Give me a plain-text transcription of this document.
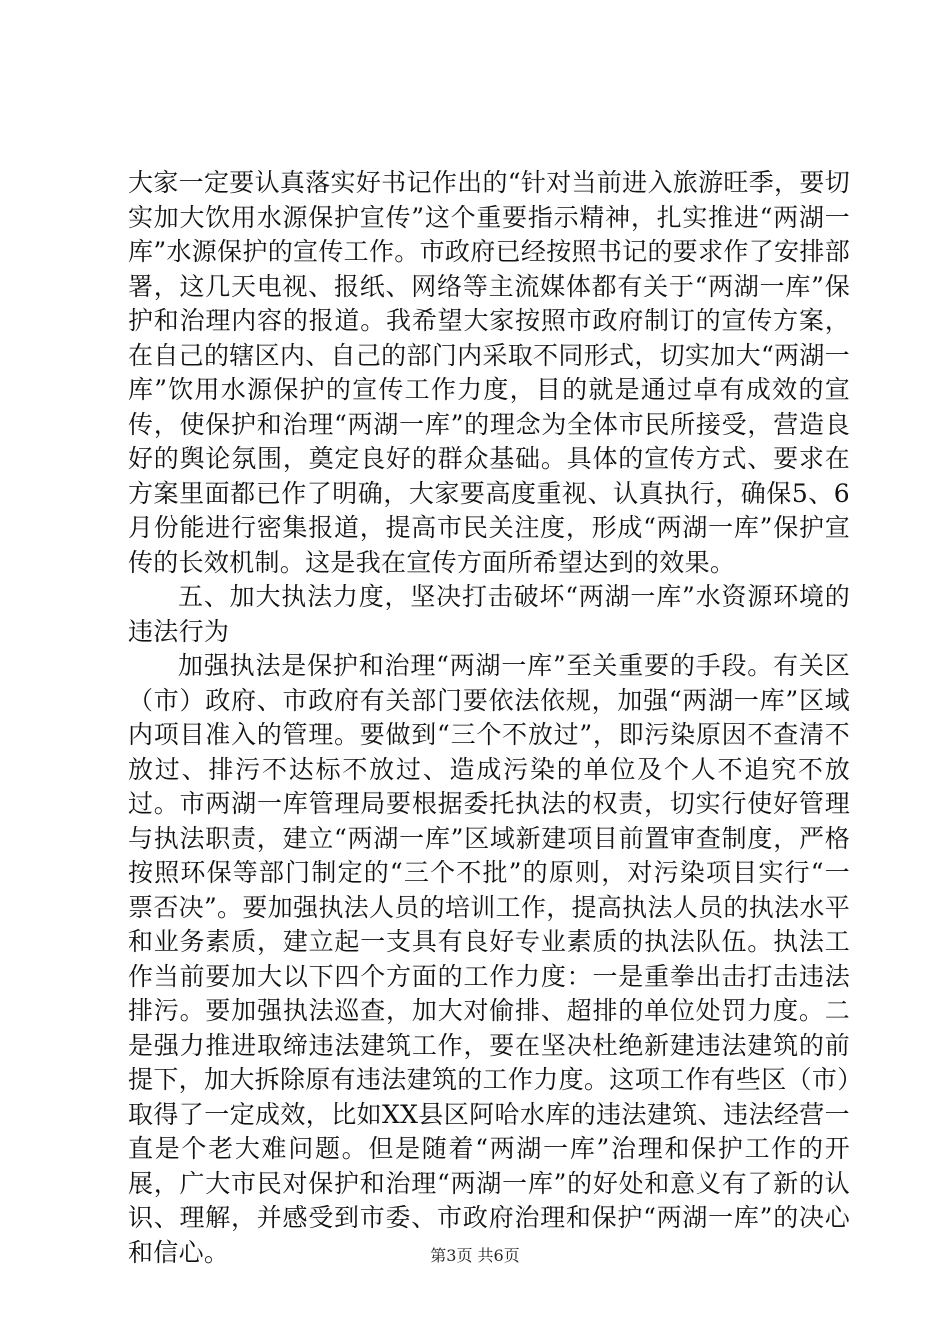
大家一定要认真落实好书记作出的“针对当前进入旅游旺季，要切实加大饮用水源保护宣传”这个重要指示精神，扎实推进“两湖一库”水源保护的宣传工作。市政府已经按照书记的要求作了安排部署，这几天电视、报纸、网络等主流媒体都有关于“两湖一库”保护和治理内容的报道。我希望大家按照市政府制订的宣传方案，在自己的辖区内、自己的部门内采取不同形式，切实加大“两湖一库”饮用水源保护的宣传工作力度，目的就是通过卓有成效的宣传，使保护和治理“两湖一库”的理念为全体市民所接受，营造良好的舆论氛围，奠定良好的群众基础。具体的宣传方式、要求在方案里面都已作了明确，大家要高度重视、认真执行，确保5、6月份能进行密集报道，提高市民关注度，形成“两湖一库”保护宣传的长效机制。这是我在宣传方面所希望达到的效果。

五、加大执法力度，坚决打击破坏“两湖一库”水资源环境的违法行为

加强执法是保护和治理“两湖一库”至关重要的手段。有关区（市）政府、市政府有关部门要依法依规，加强“两湖一库”区域内项目准入的管理。要做到“三个不放过”，即污染原因不查清不放过、排污不达标不放过、造成污染的单位及个人不追究不放过。市两湖一库管理局要根据委托执法的权责，切实行使好管理与执法职责，建立“两湖一库”区域新建项目前置审查制度，严格按照环保等部门制定的“三个不批”的原则，对污染项目实行“一票否决”。要加强执法人员的培训工作，提高执法人员的执法水平和业务素质，建立起一支具有良好专业素质的执法队伍。执法工作当前要加大以下四个方面的工作力度：一是重拳出击打击违法排污。要加强执法巡查，加大对偷排、超排的单位处罚力度。二是强力推进取缔违法建筑工作，要在坚决杜绝新建违法建筑的前提下，加大拆除原有违法建筑的工作力度。这项工作有些区（市）取得了一定成效，比如XX县区阿哈水库的违法建筑、违法经营一直是个老大难问题。但是随着“两湖一库”治理和保护工作的开展，广大市民对保护和治理“两湖一库”的好处和意义有了新的认识、理解，并感受到市委、市政府治理和保护“两湖一库”的决心和信心。	第3页 共6页
